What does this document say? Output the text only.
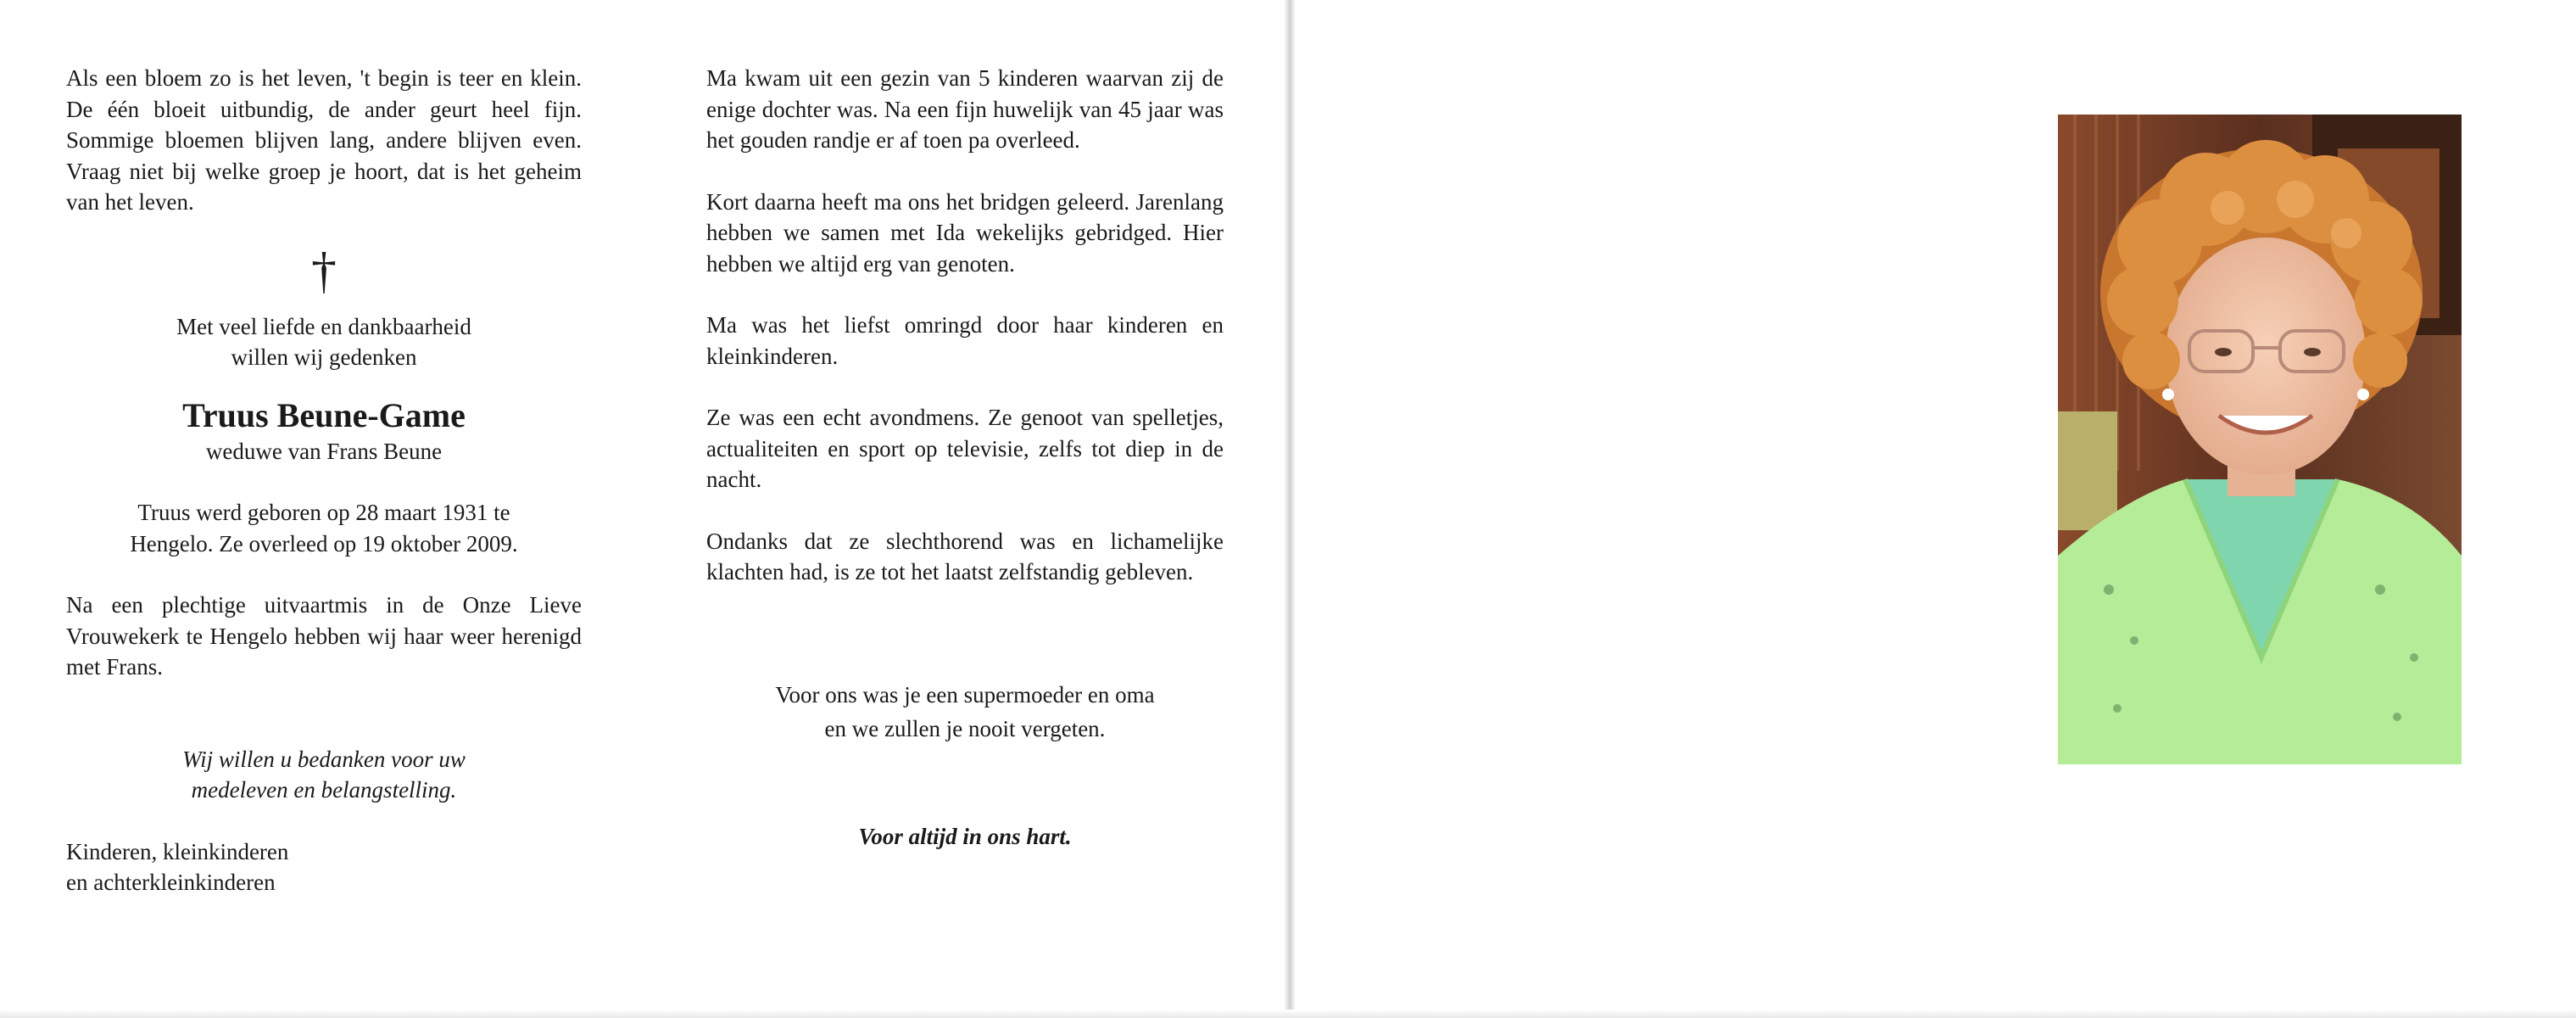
Als een bloem zo is het leven, 't begin is teer en klein. De één bloeit uitbundig, de ander geurt heel fijn. Sommige bloemen blijven lang, andere blijven even. Vraag niet bij welke groep je hoort, dat is het geheim van het leven.

†

Met veel liefde en dankbaarheid

willen wij gedenken

Truus Beune-Game

weduwe van Frans Beune

Truus werd geboren op 28 maart 1931 te

Hengelo. Ze overleed op 19 oktober 2009.

Na een plechtige uitvaartmis in de Onze Lieve Vrouwekerk te Hengelo hebben wij haar weer herenigd met Frans.

Wij willen u bedanken voor uw

medeleven en belangstelling.

Kinderen, kleinkinderen

en achterkleinkinderen

Ma kwam uit een gezin van 5 kinderen waarvan zij de enige dochter was. Na een fijn huwelijk van 45 jaar was het gouden randje er af toen pa overleed.

Kort daarna heeft ma ons het bridgen geleerd. Jarenlang hebben we samen met Ida wekelijks gebridged. Hier hebben we altijd erg van genoten.

Ma was het liefst omringd door haar kinderen en kleinkinderen.

Ze was een echt avondmens. Ze genoot van spelletjes, actualiteiten en sport op televisie, zelfs tot diep in de nacht.

Ondanks dat ze slechthorend was en lichamelijke klachten had, is ze tot het laatst zelfstandig gebleven.

Voor ons was je een supermoeder en oma

en we zullen je nooit vergeten.

Voor altijd in ons hart.
